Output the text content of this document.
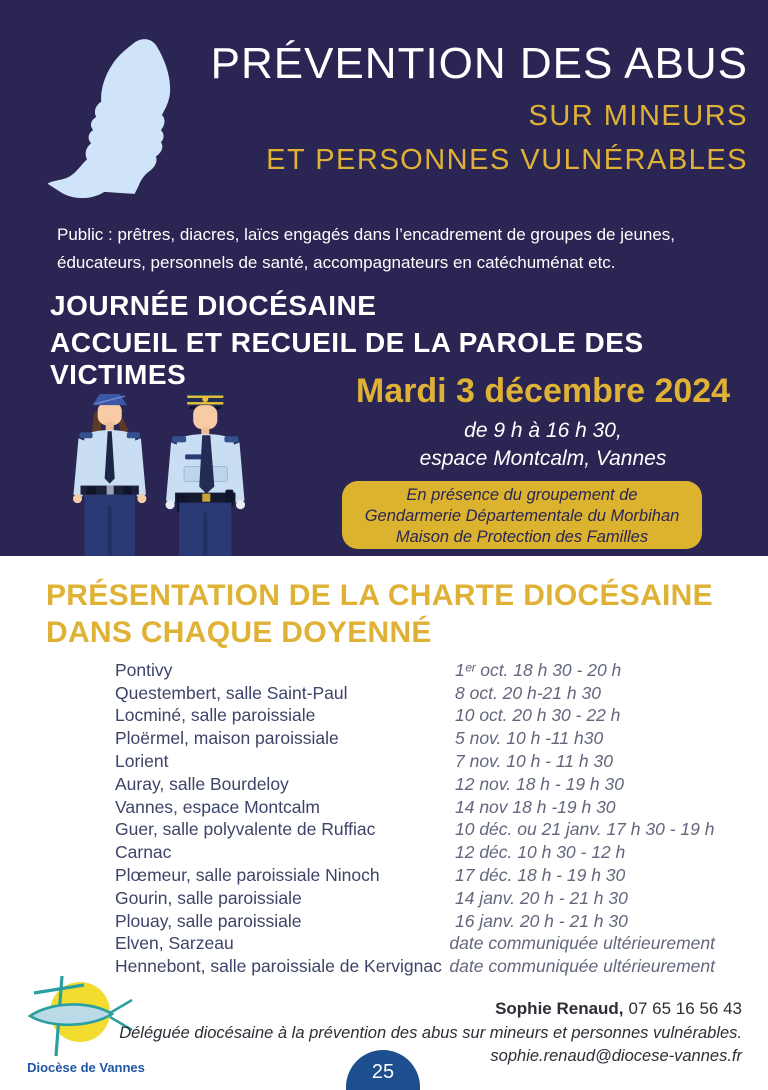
PRÉVENTION DES ABUS
SUR MINEURS
ET PERSONNES VULNÉRABLES
Public : prêtres, diacres, laïcs engagés dans l’encadrement de groupes de jeunes,
éducateurs, personnels de santé, accompagnateurs en catéchuménat etc.
JOURNÉE DIOCÉSAINE
ACCUEIL ET RECUEIL DE LA PAROLE DES VICTIMES	Mardi 3 décembre 2024
de 9 h à 16 h 30,
espace Montcalm, Vannes
En présence du groupement de
Gendarmerie Départementale du Morbihan
Maison de Protection des Familles
PRÉSENTATION DE LA CHARTE DIOCÉSAINE
DANS CHAQUE DOYENNÉ
Pontivy	1ᵉʳ oct. 18 h 30 - 20 h
Questembert, salle Saint-Paul	8 oct. 20 h-21 h 30
Locminé, salle paroissiale	10 oct. 20 h 30 - 22 h
Ploërmel, maison paroissiale	5 nov. 10 h -11 h30
Lorient	7 nov. 10 h - 11 h 30
Auray, salle Bourdeloy	12 nov. 18 h - 19 h 30
Vannes, espace Montcalm	14 nov 18 h -19 h 30
Guer, salle polyvalente de Ruffiac	10 déc. ou 21 janv. 17 h 30 - 19 h
Carnac	12 déc. 10 h 30 - 12 h
Plœmeur, salle paroissiale Ninoch	17 déc. 18 h - 19 h 30
Gourin, salle paroissiale	14 janv. 20 h - 21 h 30
Plouay, salle paroissiale	16 janv. 20 h - 21 h 30
Elven, Sarzeau	date communiquée ultérieurement
Hennebont, salle paroissiale de Kervignac date communiquée ultérieurement
Diocèse de Vannes
Sophie Renaud, 07 65 16 56 43
Déléguée diocésaine à la prévention des abus sur mineurs et personnes vulnérables.
sophie.renaud@diocese-vannes.fr
25
